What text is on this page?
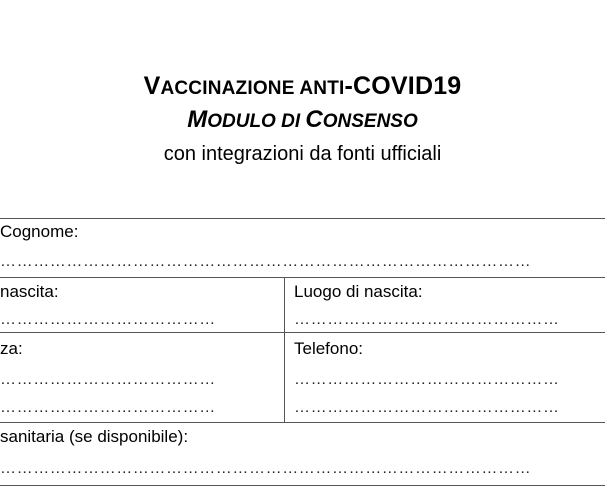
VACCINAZIONE ANTI-COVID19
MODULO DI CONSENSO
con integrazioni da fonti ufficiali
Cognome:
……………………………………………………………………………………
nascita:
…………………………………
Luogo di nascita:
…………………………………………
za:
…………………………………
…………………………………
Telefono:
…………………………………………
…………………………………………
sanitaria (se disponibile):
……………………………………………………………………………………
